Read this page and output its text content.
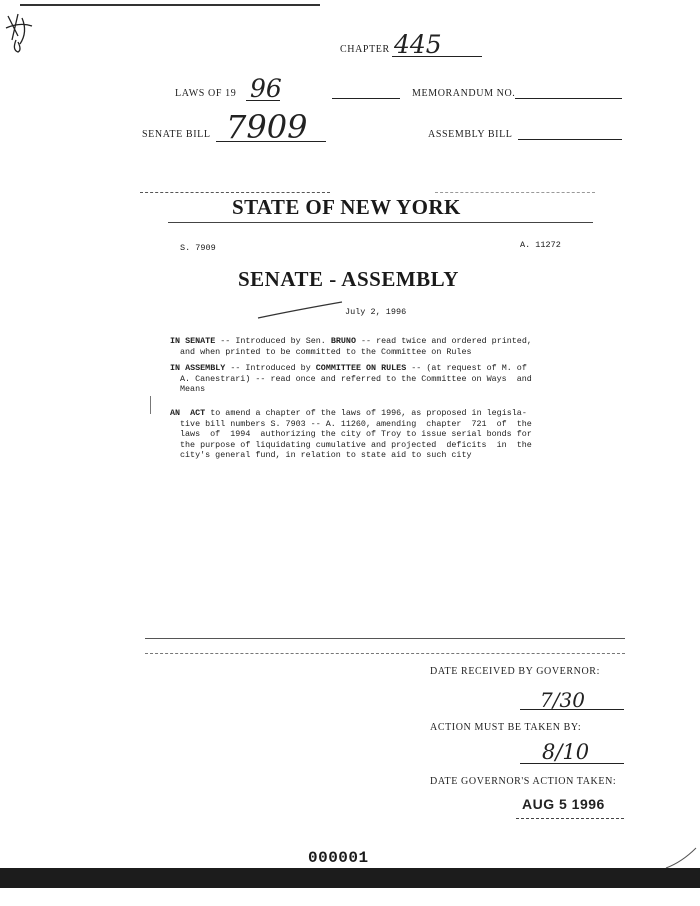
CHAPTER 445
LAWS OF 19 96	MEMORANDUM NO.
SENATE BILL 7909	ASSEMBLY BILL
STATE OF NEW YORK
S. 7909	A. 11272
SENATE - ASSEMBLY
July 2, 1996
IN SENATE -- Introduced by Sen. BRUNO -- read twice and ordered printed,
and when printed to be committed to the Committee on Rules
IN ASSEMBLY -- Introduced by COMMITTEE ON RULES -- (at request of M. of
A. Canestrari) -- read once and referred to the Committee on Ways  and
Means
AN  ACT to amend a chapter of the laws of 1996, as proposed in legisla-
tive bill numbers S. 7903 -- A. 11260, amending  chapter  721  of  the
laws  of  1994  authorizing the city of Troy to issue serial bonds for
the purpose of liquidating cumulative and projected  deficits  in  the
city's general fund, in relation to state aid to such city
DATE RECEIVED BY GOVERNOR:
7/30
ACTION MUST BE TAKEN BY:
8/10
DATE GOVERNOR'S ACTION TAKEN:
AUG 5 1996
000001
